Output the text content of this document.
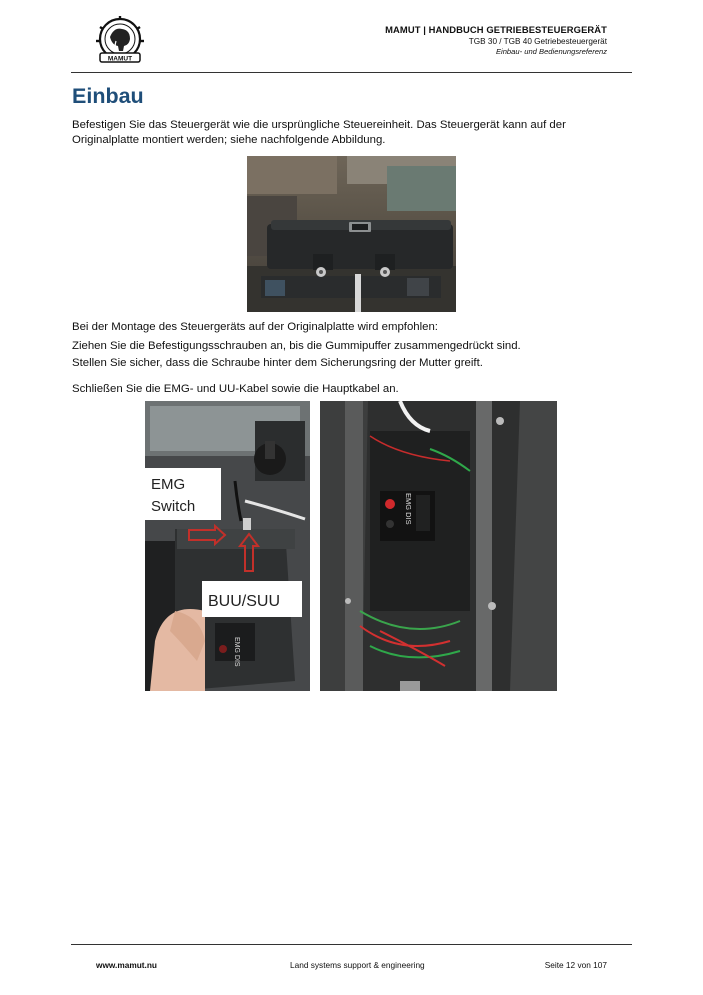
MAMUT
MAMUT | HANDBUCH GETRIEBESTEUERGERÄT
TGB 30 / TGB 40 Getriebesteuergerät
Einbau- und Bedienungsreferenz
Einbau

Befestigen Sie das Steuergerät wie die ursprüngliche Steuereinheit. Das Steuergerät kann auf der

Originalplatte montiert werden; siehe nachfolgende Abbildung.

Bei der Montage des Steuergeräts auf der Originalplatte wird empfohlen:

Ziehen Sie die Befestigungsschrauben an, bis die Gummipuffer zusammengedrückt sind.

Stellen Sie sicher, dass die Schraube hinter dem Sicherungsring der Mutter greift.

Schließen Sie die EMG- und UU-Kabel sowie die Hauptkabel an.

EMG DIS
EMG
Switch
BUU/SUU
EMG DIS
www.mamut.nu	Land systems support & engineering	Seite 12 von 107
